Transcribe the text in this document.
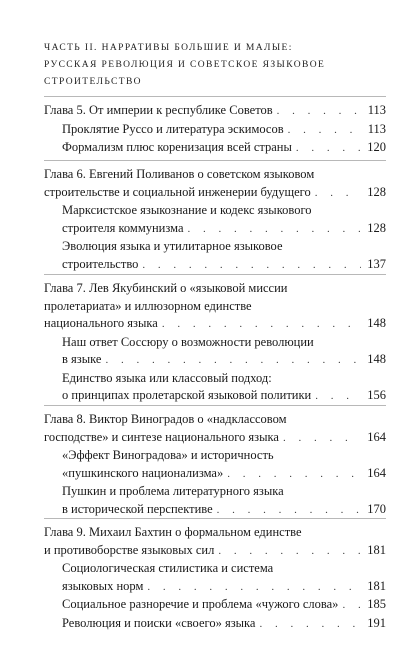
ЧАСТЬ II. НАРРАТИВЫ БОЛЬШИЕ И МАЛЫЕ:
РУССКАЯ РЕВОЛЮЦИЯ И СОВЕТСКОЕ ЯЗЫКОВОЕ
СТРОИТЕЛЬСТВО
Глава 5. От империи к республике Советов . . .	113
Проклятие Руссо и литература эскимосов . . .	113
Формализм плюс коренизация всей страны . . .	120
Глава 6. Евгений Поливанов о советском языковом
строительстве и социальной инженерии будущего . . .	128
Марксистское языкознание и кодекс языкового
строителя коммунизма . . .	128
Эволюция языка и утилитарное языковое
строительство . . .	137
Глава 7. Лев Якубинский о «языковой миссии
пролетариата» и иллюзорном единстве
национального языка . . .	148
Наш ответ Соссюру о возможности революции
в языке . . .	148
Единство языка или классовый подход:
о принципах пролетарской языковой политики . . .	156
Глава 8. Виктор Виноградов о «надклассовом
господстве» и синтезе национального языка . . .	164
«Эффект Виноградова» и историчность
«пушкинского национализма» . . .	164
Пушкин и проблема литературного языка
в исторической перспективе . . .	170
Глава 9. Михаил Бахтин о формальном единстве
и противоборстве языковых сил . . .	181
Социологическая стилистика и система
языковых норм . . .	181
Социальное разноречие и проблема «чужого слова» . . . 185
Революция и поиски «своего» языка . . .	191
